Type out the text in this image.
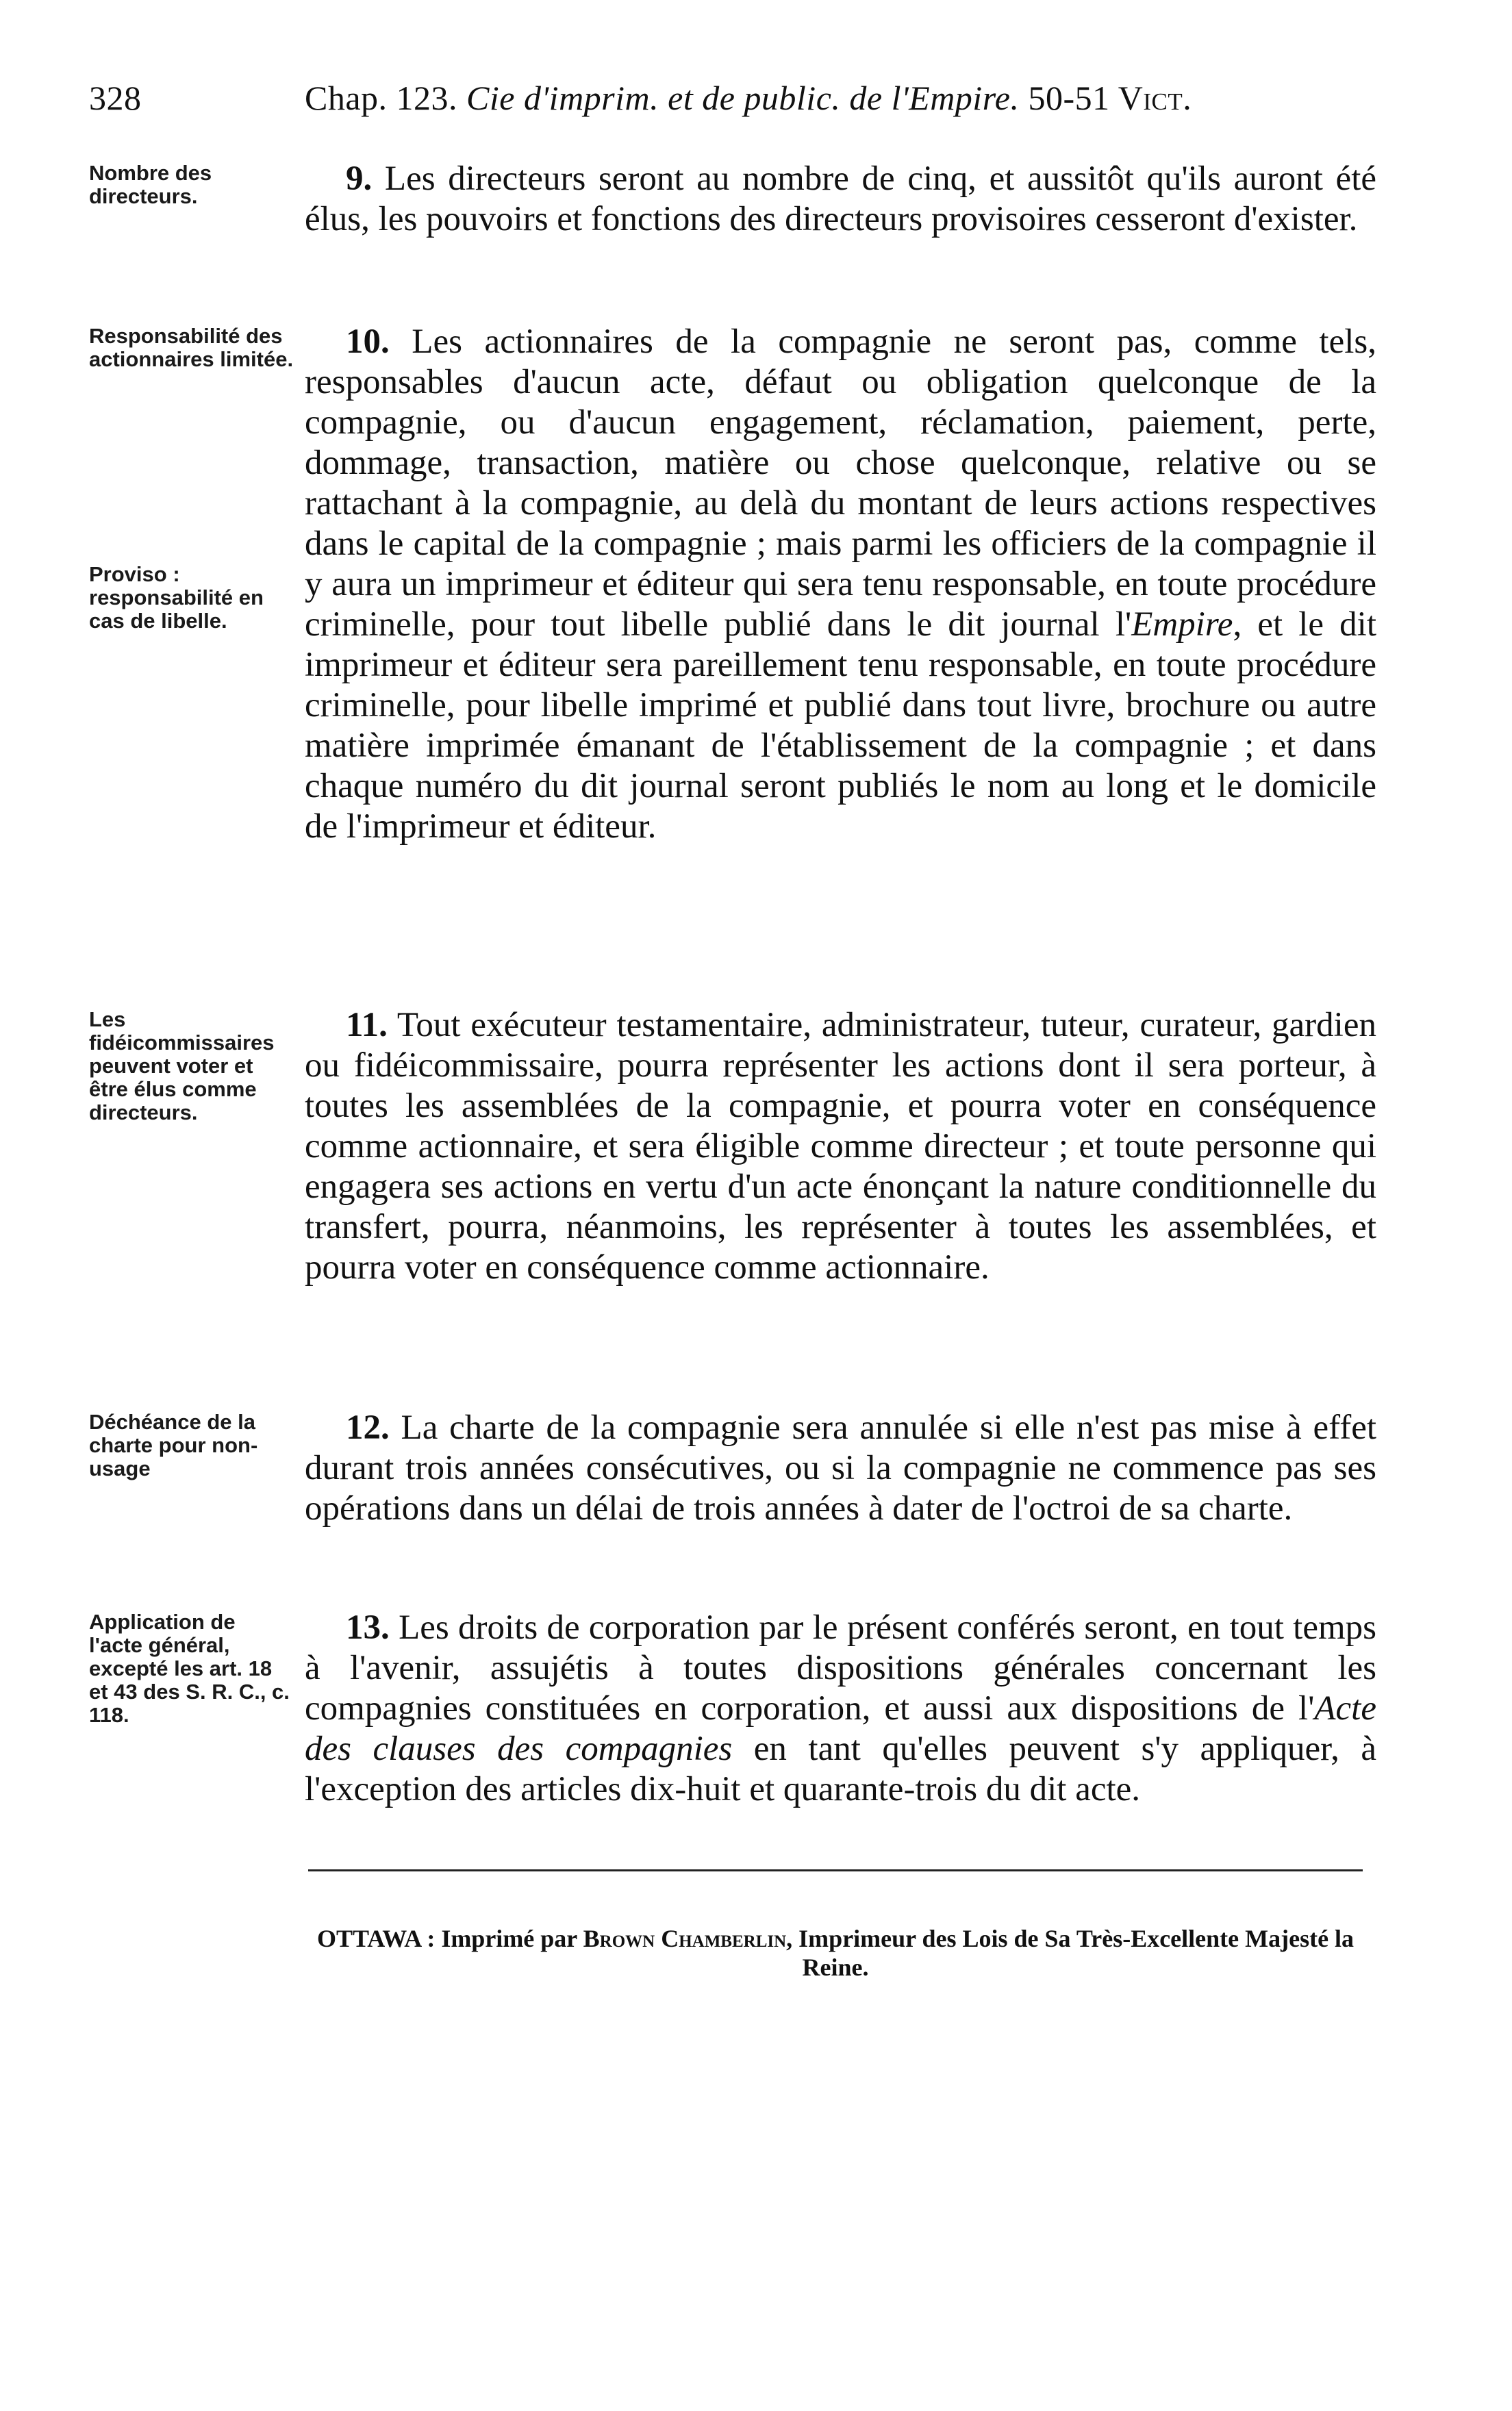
328	Chap. 123. Cie d'imprim. et de public. de l'Empire. 50-51 Vict.
Nombre des directeurs.	9. Les directeurs seront au nombre de cinq, et aussitôt qu'ils auront été élus, les pouvoirs et fonctions des directeurs provisoires cesseront d'exister.
Responsabilité des actionnaires limitée.
Proviso : responsabilité en cas de libelle.
10. Les actionnaires de la compagnie ne seront pas, comme tels, responsables d'aucun acte, défaut ou obligation quelconque de la compagnie, ou d'aucun engagement, réclamation, paiement, perte, dommage, transaction, matière ou chose quelconque, relative ou se rattachant à la compagnie, au delà du montant de leurs actions respectives dans le capital de la compagnie ; mais parmi les officiers de la compagnie il y aura un imprimeur et éditeur qui sera tenu responsable, en toute procédure criminelle, pour tout libelle publié dans le dit journal l'Empire, et le dit imprimeur et éditeur sera pareillement tenu responsable, en toute procédure criminelle, pour libelle imprimé et publié dans tout livre, brochure ou autre matière imprimée émanant de l'établissement de la compagnie ; et dans chaque numéro du dit journal seront publiés le nom au long et le domicile de l'imprimeur et éditeur.
Les fidéicommissaires peuvent voter et être élus comme directeurs.
11. Tout exécuteur testamentaire, administrateur, tuteur, curateur, gardien ou fidéicommissaire, pourra représenter les actions dont il sera porteur, à toutes les assemblées de la compagnie, et pourra voter en conséquence comme actionnaire, et sera éligible comme directeur ; et toute personne qui engagera ses actions en vertu d'un acte énonçant la nature conditionnelle du transfert, pourra, néanmoins, les représenter à toutes les assemblées, et pourra voter en conséquence comme actionnaire.
Déchéance de la charte pour non-usage
12. La charte de la compagnie sera annulée si elle n'est pas mise à effet durant trois années consécutives, ou si la compagnie ne commence pas ses opérations dans un délai de trois années à dater de l'octroi de sa charte.
Application de l'acte général, excepté les art. 18 et 43 des S. R. C., c. 118.
13. Les droits de corporation par le présent conférés seront, en tout temps à l'avenir, assujétis à toutes dispositions générales concernant les compagnies constituées en corporation, et aussi aux dispositions de l'Acte des clauses des compagnies en tant qu'elles peuvent s'y appliquer, à l'exception des articles dix-huit et quarante-trois du dit acte.
OTTAWA : Imprimé par Brown Chamberlin, Imprimeur des Lois de Sa Très-Excellente Majesté la Reine.
